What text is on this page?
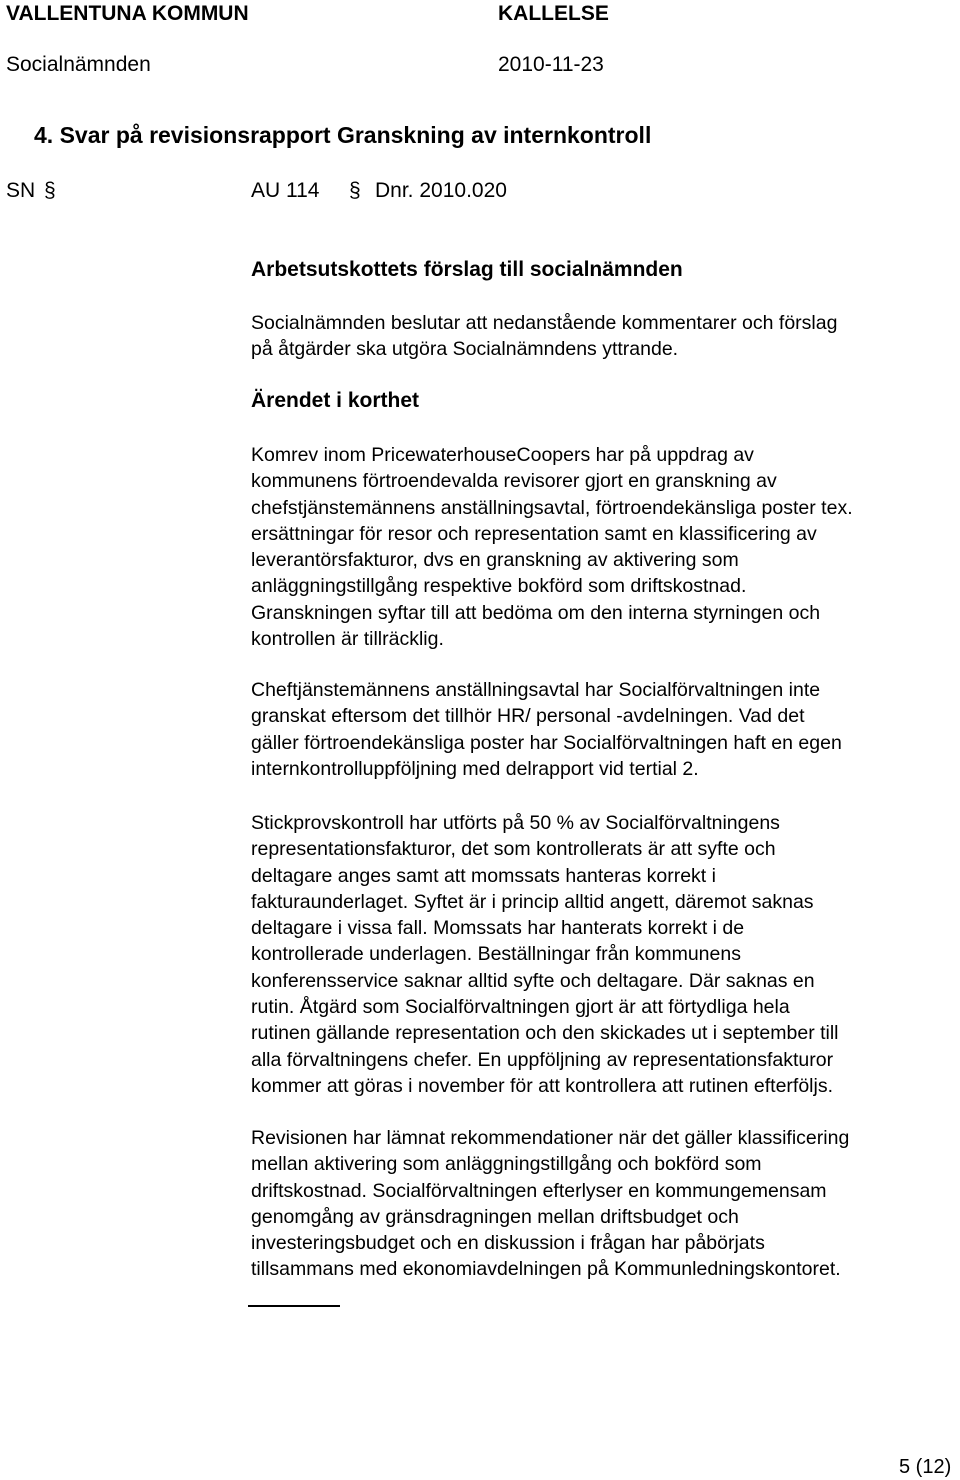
VALLENTUNA KOMMUN	KALLELSE
Socialnämnden	2010-11-23
4. Svar på revisionsrapport Granskning av internkontroll
SN §	AU 114 § Dnr. 2010.020
Arbetsutskottets förslag till socialnämnden
Socialnämnden beslutar att nedanstående kommentarer och förslag
på åtgärder ska utgöra Socialnämndens yttrande.
Ärendet i korthet
Komrev inom PricewaterhouseCoopers har på uppdrag av
kommunens förtroendevalda revisorer gjort en granskning av
chefstjänstemännens anställningsavtal, förtroendekänsliga poster tex.
ersättningar för resor och representation samt en klassificering av
leverantörsfakturor, dvs en granskning av aktivering som
anläggningstillgång respektive bokförd som driftskostnad.
Granskningen syftar till att bedöma om den interna styrningen och
kontrollen är tillräcklig.
Cheftjänstemännens anställningsavtal har Socialförvaltningen inte
granskat eftersom det tillhör HR/ personal -avdelningen. Vad det
gäller förtroendekänsliga poster har Socialförvaltningen haft en egen
internkontrolluppföljning med delrapport vid tertial 2.
Stickprovskontroll har utförts på 50 % av Socialförvaltningens
representationsfakturor, det som kontrollerats är att syfte och
deltagare anges samt att momssats hanteras korrekt i
fakturaunderlaget. Syftet är i princip alltid angett, däremot saknas
deltagare i vissa fall. Momssats har hanterats korrekt i de
kontrollerade underlagen. Beställningar från kommunens
konferensservice saknar alltid syfte och deltagare. Där saknas en
rutin. Åtgärd som Socialförvaltningen gjort är att förtydliga hela
rutinen gällande representation och den skickades ut i september till
alla förvaltningens chefer. En uppföljning av representationsfakturor
kommer att göras i november för att kontrollera att rutinen efterföljs.
Revisionen har lämnat rekommendationer när det gäller klassificering
mellan aktivering som anläggningstillgång och bokförd som
driftskostnad. Socialförvaltningen efterlyser en kommungemensam
genomgång av gränsdragningen mellan driftsbudget och
investeringsbudget och en diskussion i frågan har påbörjats
tillsammans med ekonomiavdelningen på Kommunledningskontoret.
5 (12)
